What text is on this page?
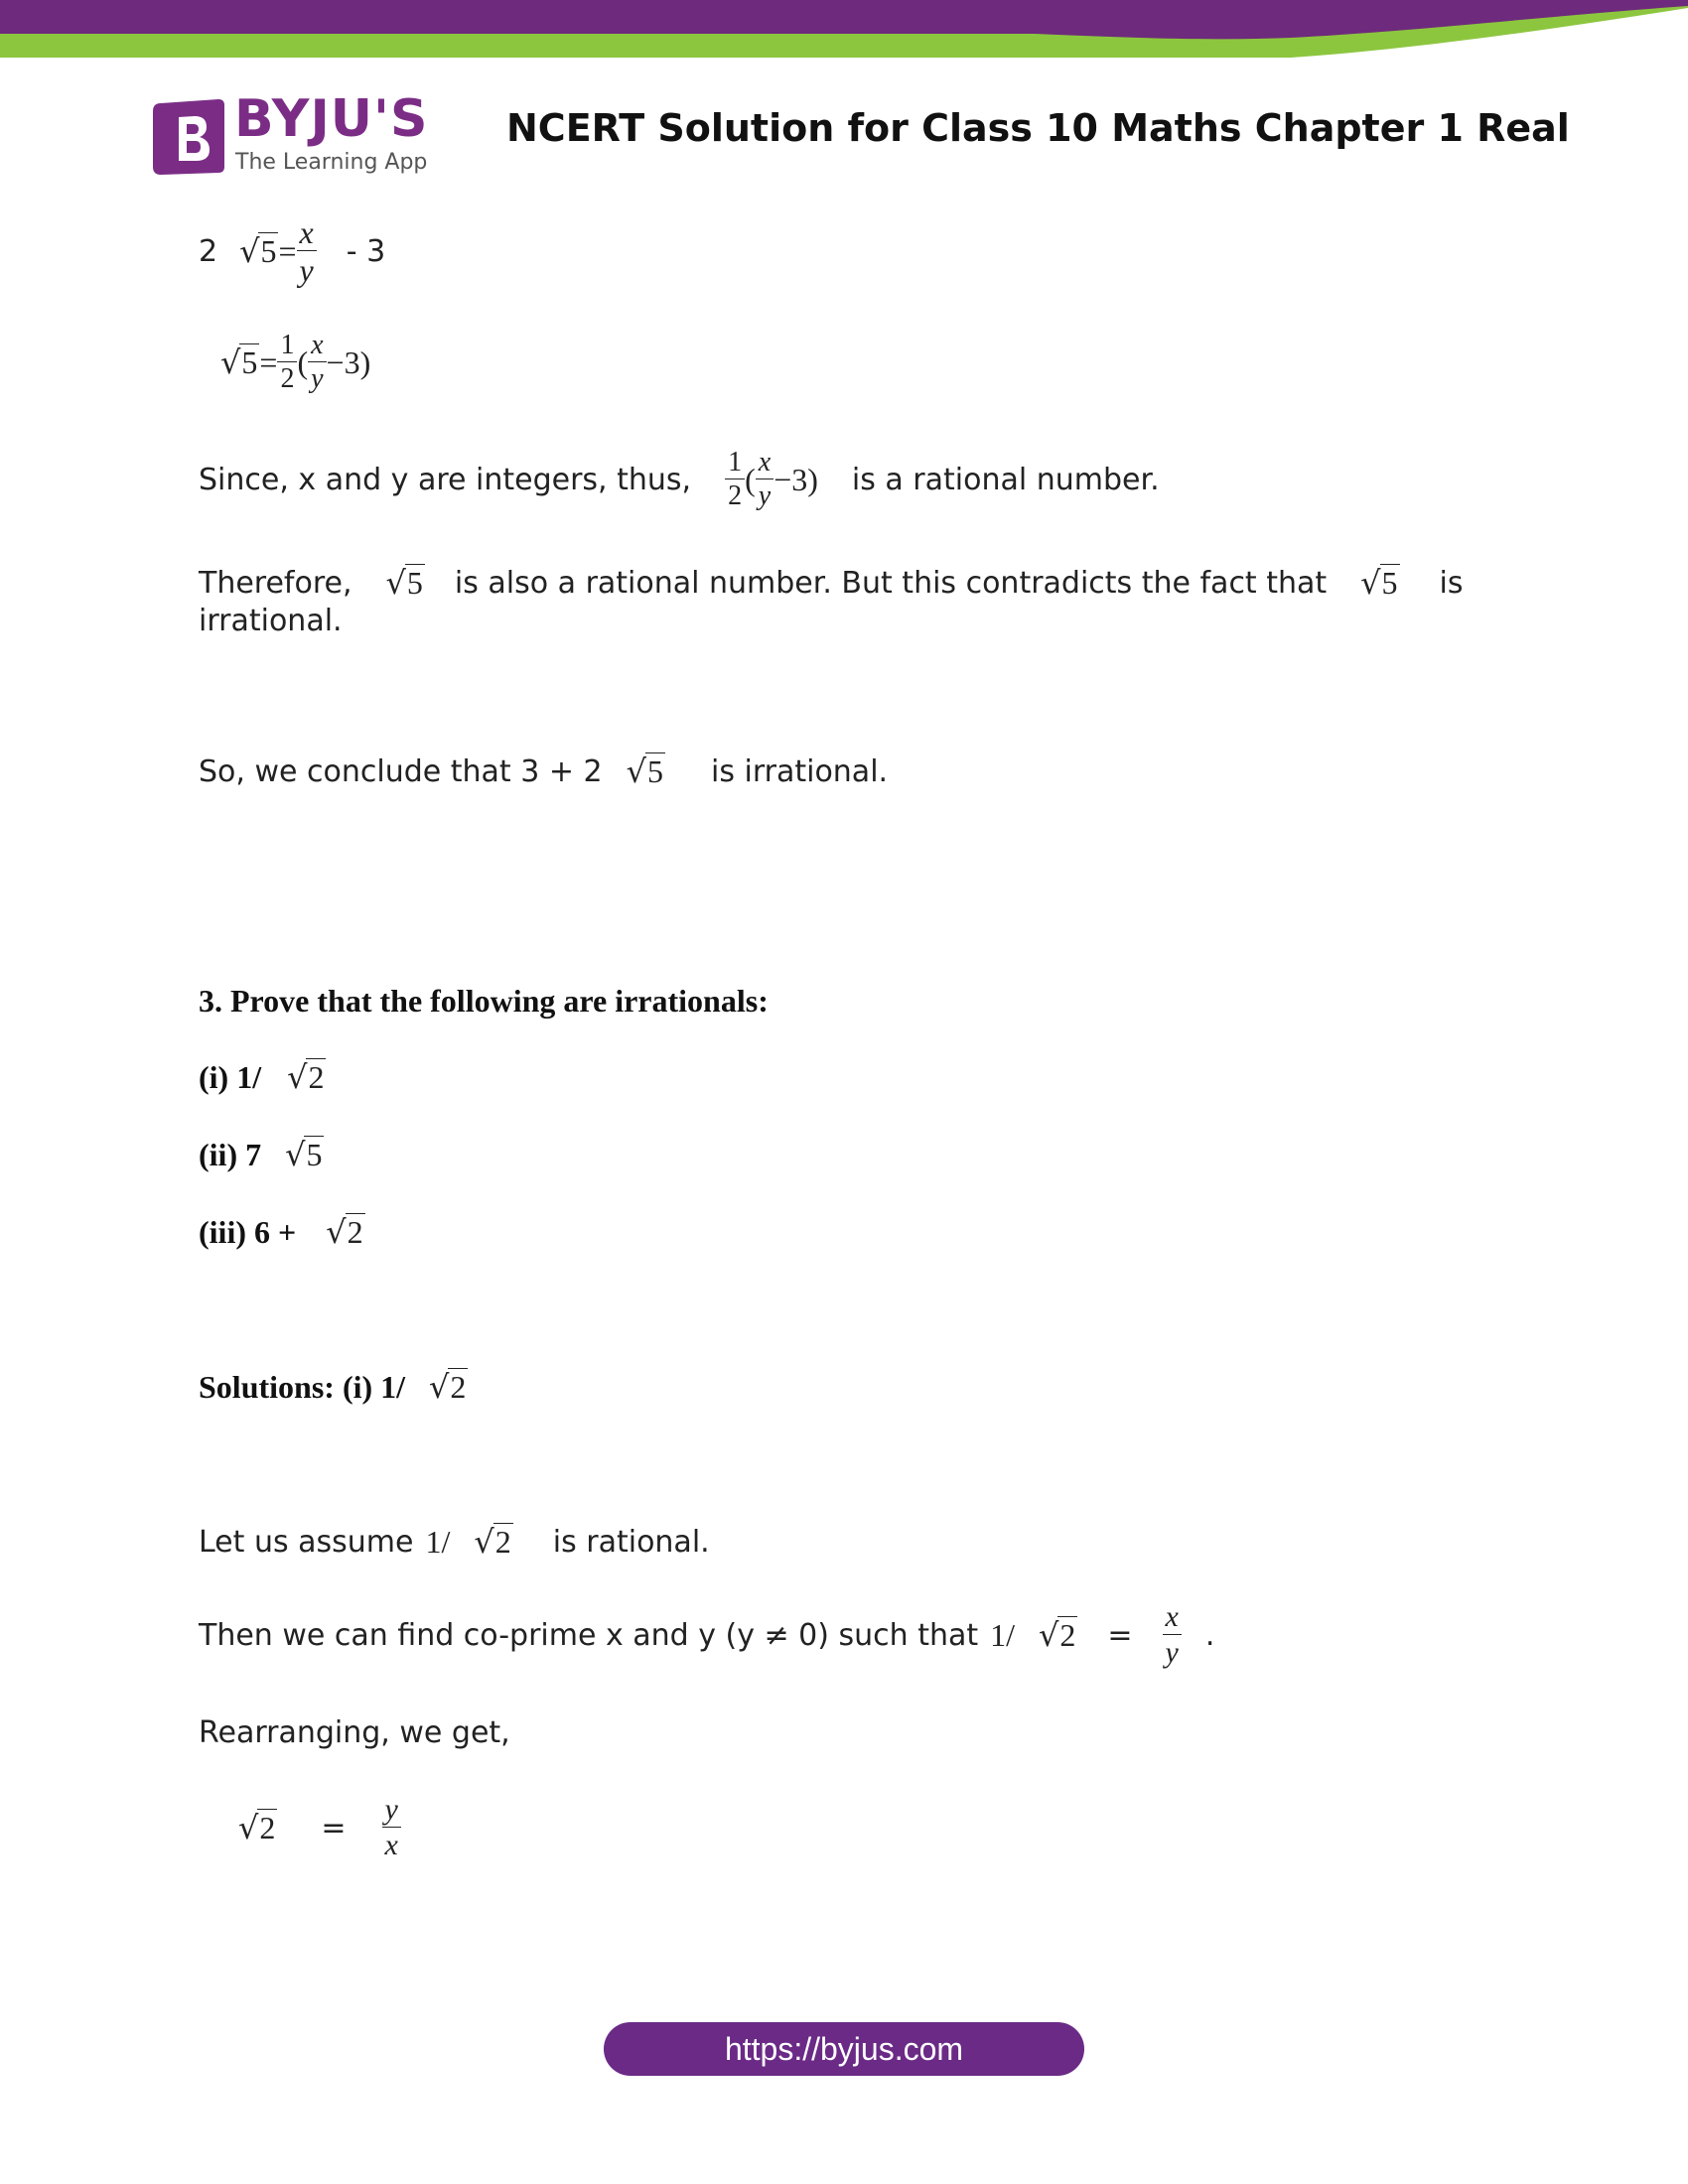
BYJU'S
The Learning App
NCERT Solution for Class 10 Maths Chapter 1 Real
2 √ $5 = \frac{x}{y} - 3$
√ $5 = \frac{1}{2}$ ( $\frac{x}{y} -3$)
Since, x and y are integers, thus, $\frac{1}{2}$ ( $\frac{x}{y} -3$) is a rational number.
Therefore, √5 is also a rational number. But this contradicts the fact that √5 is
irrational.
So, we conclude that 3 + 2 √5 is irrational.
3. Prove that the following are irrationals:
(i) 1/ √2
(ii) 7 √5
(iii) 6 + √2
Solutions: (i) 1/ √2
Let us assume 1/ √2 is rational.
Then we can find co-prime x and y (y ≠ 0) such that 1/ $√2 = \frac{x}{y}$ .
Rearranging, we get,
$√2 = \frac{y}{x}$
https://byjus.com
